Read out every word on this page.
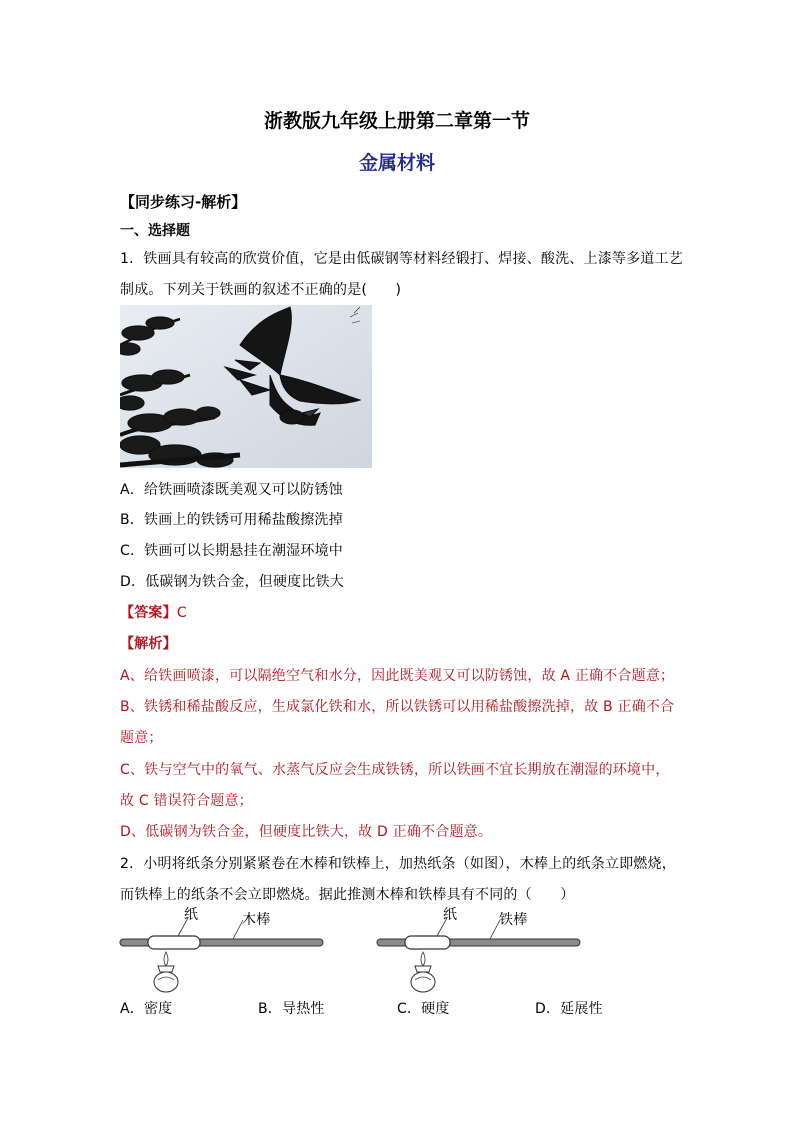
浙教版九年级上册第二章第一节
金属材料
【同步练习-解析】
一、选择题
1．铁画具有较高的欣赏价值，它是由低碳钢等材料经锻打、焊接、酸洗、上漆等多道工艺
制成。下列关于铁画的叙述不正确的是(　　)
A．给铁画喷漆既美观又可以防锈蚀
B．铁画上的铁锈可用稀盐酸擦洗掉
C．铁画可以长期悬挂在潮湿环境中
D．低碳钢为铁合金，但硬度比铁大
【答案】C
【解析】
A、给铁画喷漆，可以隔绝空气和水分，因此既美观又可以防锈蚀，故 A 正确不合题意；
B、铁锈和稀盐酸反应，生成氯化铁和水，所以铁锈可以用稀盐酸擦洗掉，故 B 正确不合
题意；
C、铁与空气中的氧气、水蒸气反应会生成铁锈，所以铁画不宜长期放在潮湿的环境中，
故 C 错误符合题意；
D、低碳钢为铁合金，但硬度比铁大，故 D 正确不合题意。
2．小明将纸条分别紧紧卷在木棒和铁棒上，加热纸条（如图），木棒上的纸条立即燃烧，
而铁棒上的纸条不会立即燃烧。据此推测木棒和铁棒具有不同的（　　）
纸	木棒	纸	铁棒
A．密度	B．导热性	C．硬度	D．延展性
